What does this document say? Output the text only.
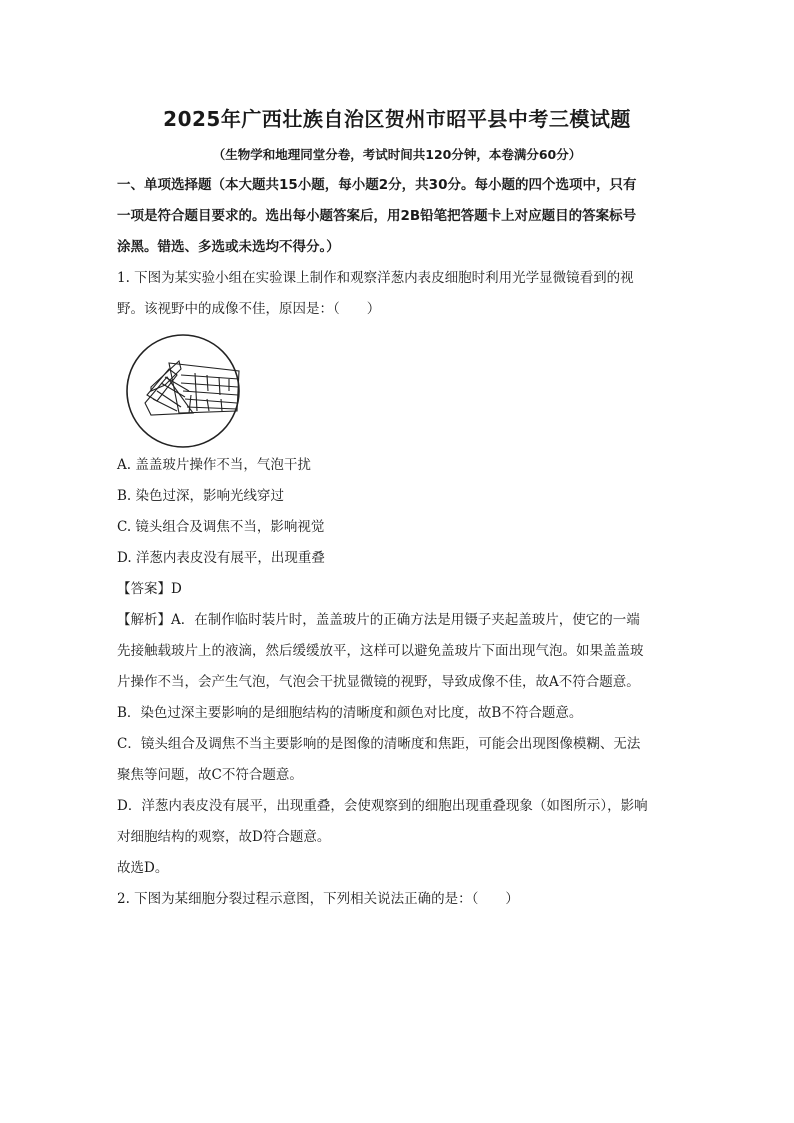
2025年广西壮族自治区贺州市昭平县中考三模试题
（生物学和地理同堂分卷，考试时间共120分钟，本卷满分60分）
一、单项选择题（本大题共15小题，每小题2分，共30分。每小题的四个选项中，只有
一项是符合题目要求的。选出每小题答案后，用2B铅笔把答题卡上对应题目的答案标号
涂黑。错选、多选或未选均不得分。）
1. 下图为某实验小组在实验课上制作和观察洋葱内表皮细胞时利用光学显微镜看到的视
野。该视野中的成像不佳，原因是：（　　）
A. 盖盖玻片操作不当，气泡干扰
B. 染色过深，影响光线穿过
C. 镜头组合及调焦不当，影响视觉
D. 洋葱内表皮没有展平，出现重叠
【答案】D
【解析】A．在制作临时装片时，盖盖玻片的正确方法是用镊子夹起盖玻片，使它的一端
先接触载玻片上的液滴，然后缓缓放平，这样可以避免盖玻片下面出现气泡。如果盖盖玻
片操作不当，会产生气泡，气泡会干扰显微镜的视野，导致成像不佳，故A不符合题意。
B．染色过深主要影响的是细胞结构的清晰度和颜色对比度，故B不符合题意。
C．镜头组合及调焦不当主要影响的是图像的清晰度和焦距，可能会出现图像模糊、无法
聚焦等问题，故C不符合题意。
D．洋葱内表皮没有展平，出现重叠，会使观察到的细胞出现重叠现象（如图所示），影响
对细胞结构的观察，故D符合题意。
故选D。
2. 下图为某细胞分裂过程示意图，下列相关说法正确的是：（　　）
